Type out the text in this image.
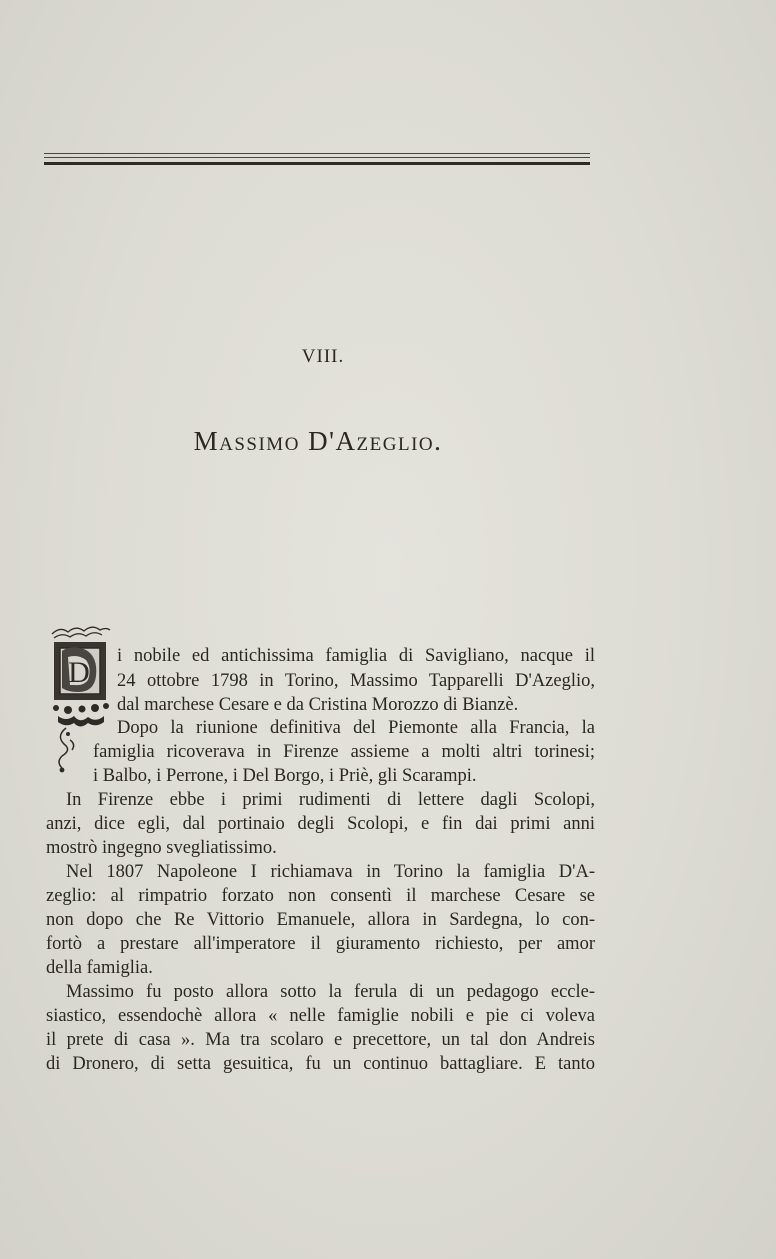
VIII.
Massimo D'Azeglio.
D i nobile ed antichissima famiglia di Savigliano, nacque il
24 ottobre 1798 in Torino, Massimo Tapparelli D'Azeglio,
dal marchese Cesare e da Cristina Morozzo di Bianzè.
Dopo la riunione definitiva del Piemonte alla Francia, la
famiglia ricoverava in Firenze assieme a molti altri torinesi;
i Balbo, i Perrone, i Del Borgo, i Priè, gli Scarampi.
In Firenze ebbe i primi rudimenti di lettere dagli Scolopi,
anzi, dice egli, dal portinaio degli Scolopi, e fin dai primi anni
mostrò ingegno svegliatissimo.
Nel 1807 Napoleone I richiamava in Torino la famiglia D'A-
zeglio: al rimpatrio forzato non consentì il marchese Cesare se
non dopo che Re Vittorio Emanuele, allora in Sardegna, lo con-
fortò a prestare all'imperatore il giuramento richiesto, per amor
della famiglia.
Massimo fu posto allora sotto la ferula di un pedagogo eccle-
siastico, essendochè allora « nelle famiglie nobili e pie ci voleva
il prete di casa ». Ma tra scolaro e precettore, un tal don Andreis
di Dronero, di setta gesuitica, fu un continuo battagliare. E tanto
